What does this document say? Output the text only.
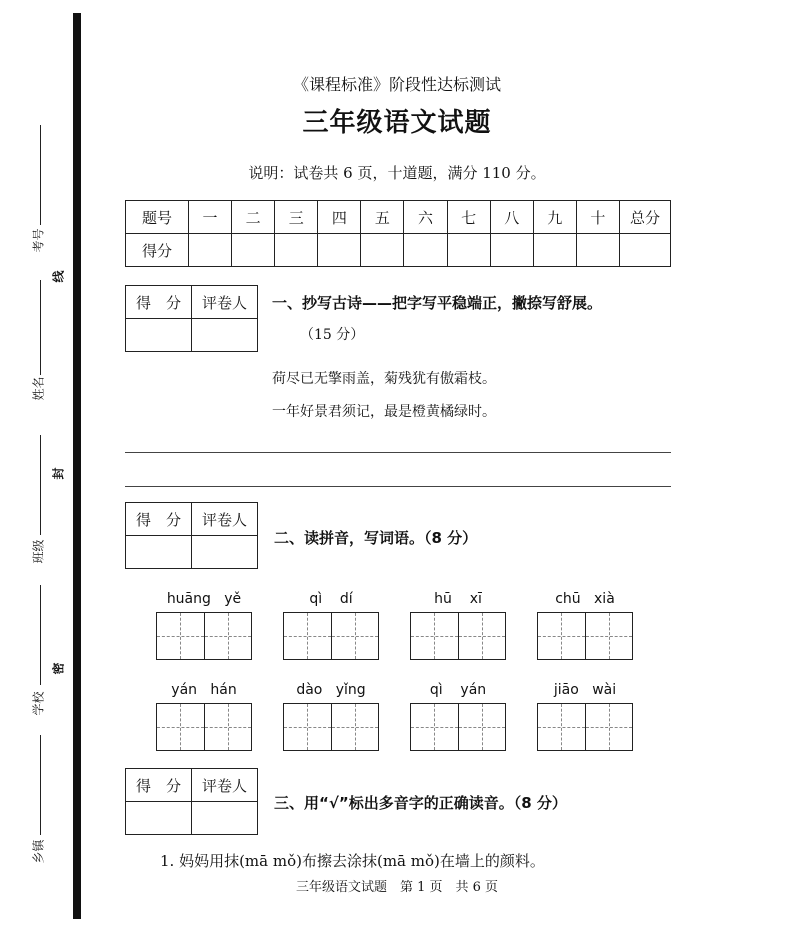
考号
姓名
班级
学校
乡镇
线
封
密
《课程标准》阶段性达标测试
三年级语文试题
说明：试卷共 6 页，十道题，满分 110 分。
题号	一	二	三	四	五	六	七	八	九	十	总分
得分											
得　分	评卷人
	一、抄写古诗——把字写平稳端正，撇捺写舒展。
（15 分）
荷尽已无擎雨盖，菊残犹有傲霜枝。
一年好景君须记，最是橙黄橘绿时。
得　分	评卷人

二、读拼音，写词语。（8 分）
huāng yě	qì dí	hū xī	chū xià
yán hán	dào yǐng	qì yán	jiāo wài
得　分	评卷人

三、用“√”标出多音字的正确读音。（8 分）
1. 妈妈用抹(mā mǒ)布擦去涂抹(mā mǒ)在墙上的颜料。
三年级语文试题　第 1 页　共 6 页
